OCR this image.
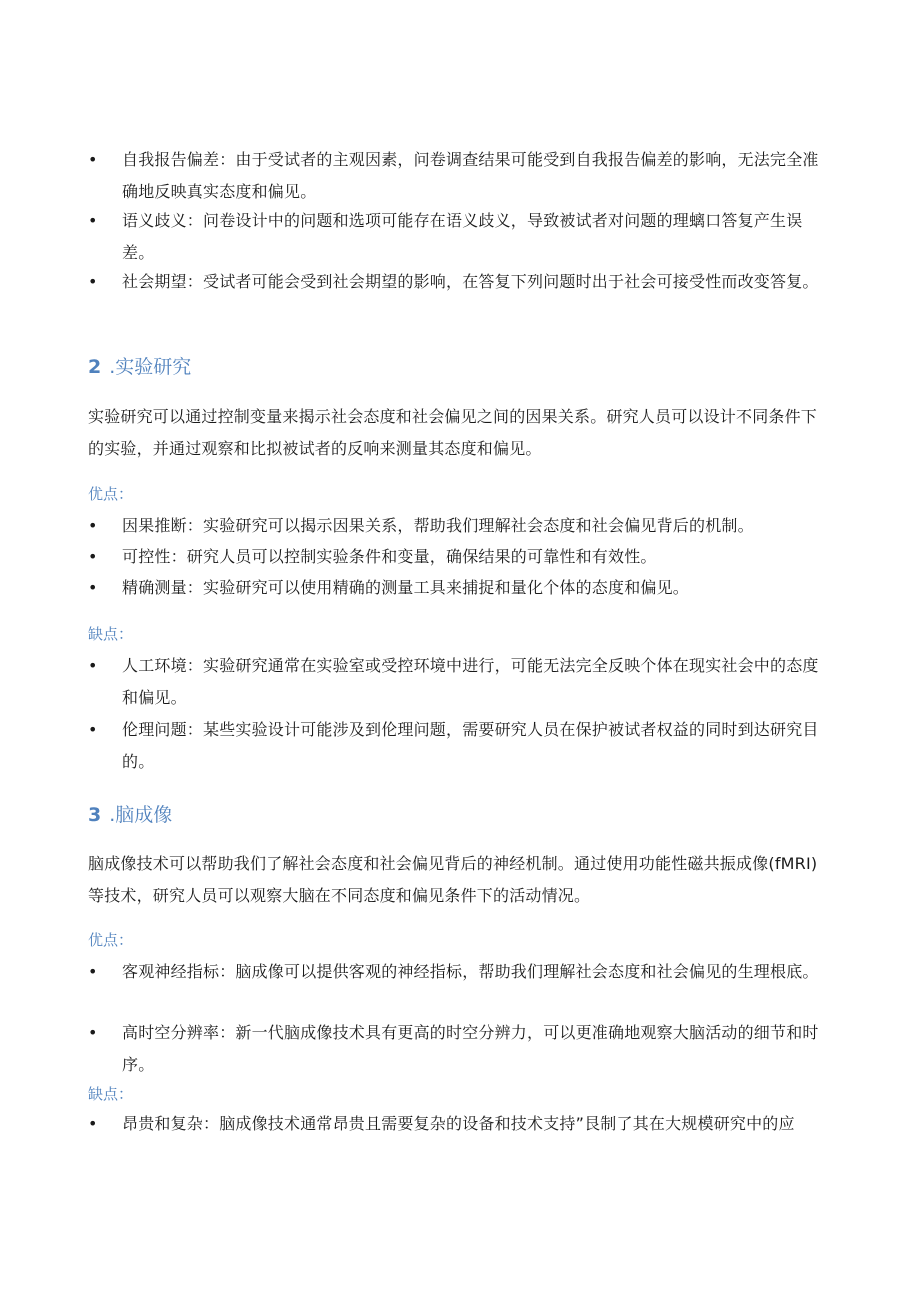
• 自我报告偏差：由于受试者的主观因素，问卷调查结果可能受到自我报告偏差的影响，无法完全准确地反映真实态度和偏见。
• 语义歧义：问卷设计中的问题和选项可能存在语义歧义，导致被试者对问题的理螭口答复产生误差。
• 社会期望：受试者可能会受到社会期望的影响，在答复下列问题时出于社会可接受性而改变答复。
2 .实验研究
实验研究可以通过控制变量来揭示社会态度和社会偏见之间的因果关系。研究人员可以设计不同条件下的实验，并通过观察和比拟被试者的反响来测量其态度和偏见。
优点：
• 因果推断：实验研究可以揭示因果关系，帮助我们理解社会态度和社会偏见背后的机制。
• 可控性：研究人员可以控制实验条件和变量，确保结果的可靠性和有效性。
• 精确测量：实验研究可以使用精确的测量工具来捕捉和量化个体的态度和偏见。
缺点：
• 人工环境：实验研究通常在实验室或受控环境中进行，可能无法完全反映个体在现实社会中的态度和偏见。
• 伦理问题：某些实验设计可能涉及到伦理问题，需要研究人员在保护被试者权益的同时到达研究目的。
3 .脑成像
脑成像技术可以帮助我们了解社会态度和社会偏见背后的神经机制。通过使用功能性磁共振成像(fMRI)等技术，研究人员可以观察大脑在不同态度和偏见条件下的活动情况。
优点：
• 客观神经指标：脑成像可以提供客观的神经指标，帮助我们理解社会态度和社会偏见的生理根底。
• 高时空分辨率：新一代脑成像技术具有更高的时空分辨力，可以更准确地观察大脑活动的细节和时序。
缺点：
• 昂贵和复杂：脑成像技术通常昂贵且需要复杂的设备和技术支持”艮制了其在大规模研究中的应
